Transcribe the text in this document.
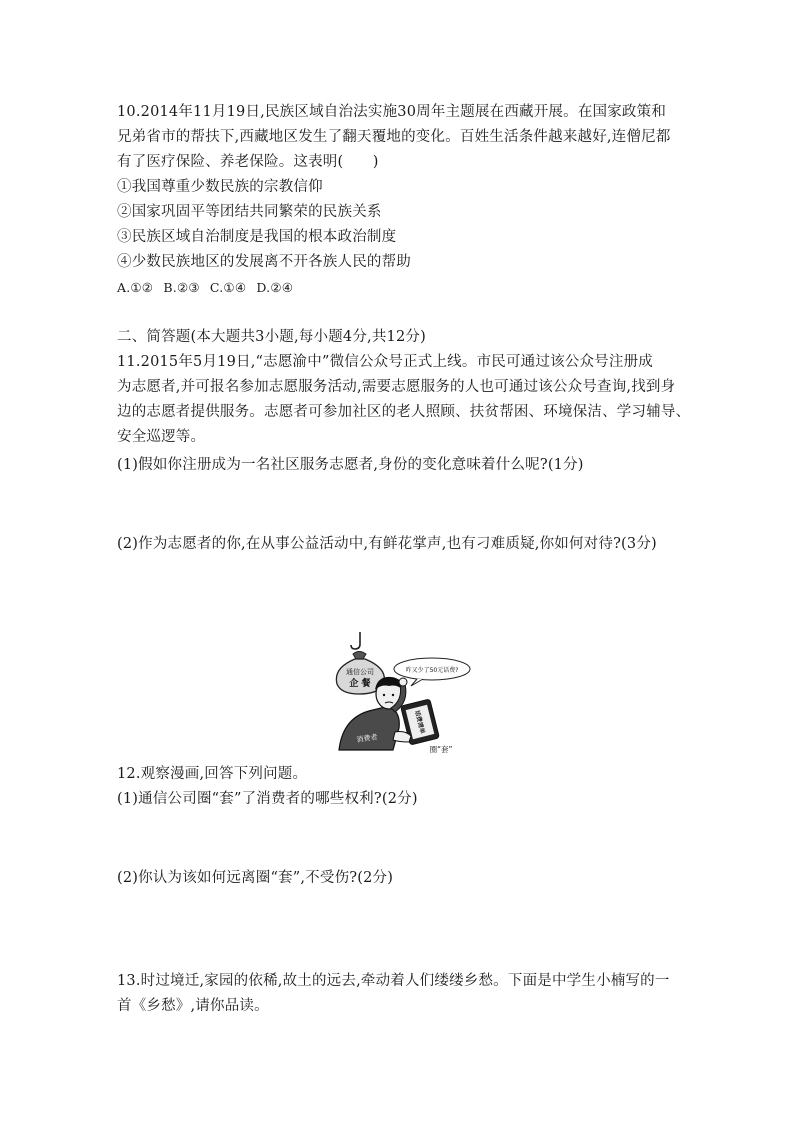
10.2014年11月19日,民族区域自治法实施30周年主题展在西藏开展。在国家政策和
兄弟省市的帮扶下,西藏地区发生了翻天覆地的变化。百姓生活条件越来越好,连僧尼都
有了医疗保险、养老保险。这表明(　　)
①我国尊重少数民族的宗教信仰
②国家巩固平等团结共同繁荣的民族关系
③民族区域自治制度是我国的根本政治制度
④少数民族地区的发展离不开各族人民的帮助
A.①② B.②③ C.①④ D.②④
二、简答题(本大题共3小题,每小题4分,共12分)
11.2015年5月19日,“志愿渝中”微信公众号正式上线。市民可通过该公众号注册成
为志愿者,并可报名参加志愿服务活动,需要志愿服务的人也可通过该公众号查询,找到身
边的志愿者提供服务。志愿者可参加社区的老人照顾、扶贫帮困、环境保洁、学习辅导、
安全巡逻等。
(1)假如你注册成为一名社区服务志愿者,身份的变化意味着什么呢?(1分)
(2)作为志愿者的你,在从事公益活动中,有鲜花掌声,也有刁难质疑,你如何对待?(3分)
通信公司
企 餐
咋又少了50元话费?
消费者
话费清单
圈“套”
12.观察漫画,回答下列问题。
(1)通信公司圈“套”了消费者的哪些权利?(2分)
(2)你认为该如何远离圈“套”,不受伤?(2分)
13.时过境迁,家园的依稀,故土的远去,牵动着人们缕缕乡愁。下面是中学生小楠写的一
首《乡愁》,请你品读。
